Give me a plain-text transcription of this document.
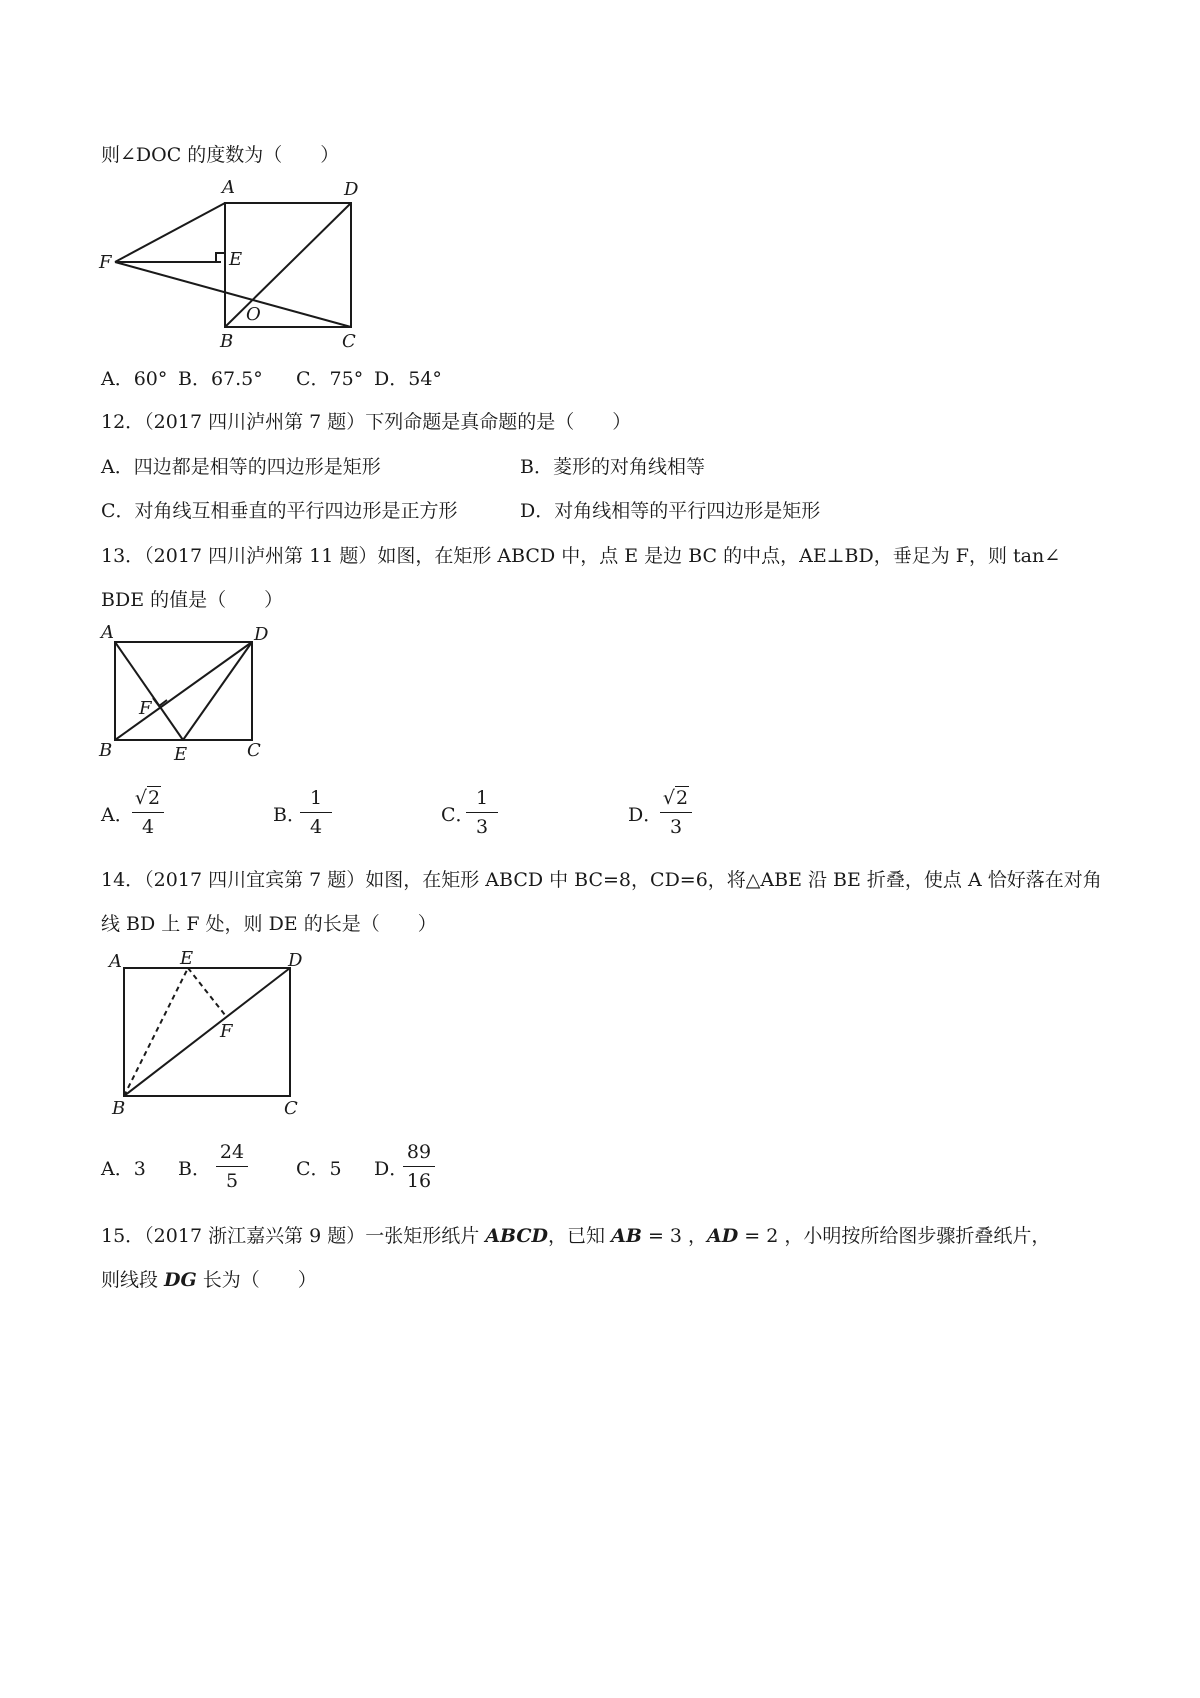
则∠DOC 的度数为（　　）
A	D
F	E
O
B	C
A．60° B．67.5° C．75° D．54°
12．（2017 四川泸州第 7 题）下列命题是真命题的是（　　）
A．四边都是相等的四边形是矩形	B．菱形的对角线相等
C．对角线互相垂直的平行四边形是正方形	D．对角线相等的平行四边形是矩形
13．（2017 四川泸州第 11 题）如图，在矩形 ABCD 中，点 E 是边 BC 的中点，AE⊥BD，垂足为 F，则 tan∠
BDE 的值是（　　）
A	D
F
B	E	C
A．
√2
4
B．
1
4
C．
1
3
D．
√2
3
14．（2017 四川宜宾第 7 题）如图，在矩形 ABCD 中 BC=8，CD=6，将△ABE 沿 BE 折叠，使点 A 恰好落在对角
线 BD 上 F 处，则 DE 的长是（　　）
A	E	D
F
B	C
A．3 B．
24
5
C．5 D．
89
16
15．（2017 浙江嘉兴第 9 题）一张矩形纸片 ABCD，已知 AB = 3 ，AD = 2 ，小明按所给图步骤折叠纸片，
则线段 DG 长为（　　）
